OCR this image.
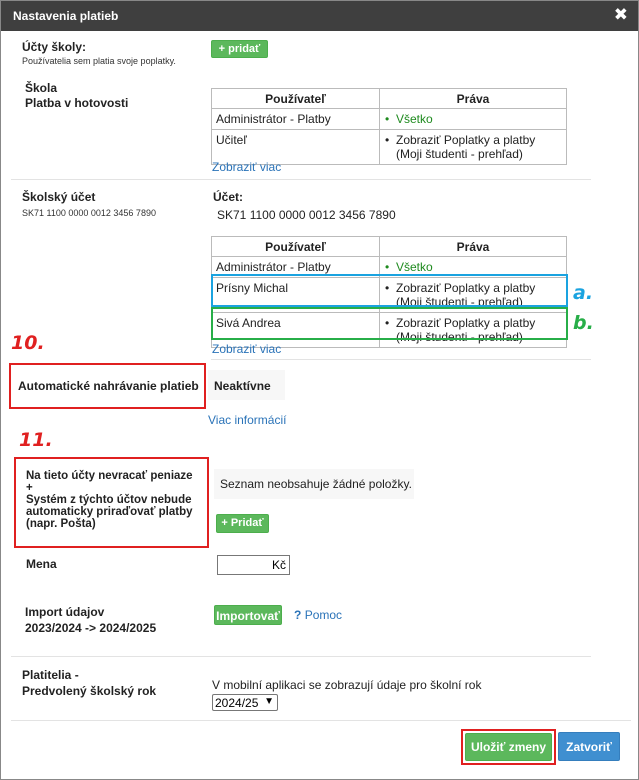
Nastavenia platieb	✖
Účty školy:
Používatelia sem platia svoje poplatky.
+ pridať
Škola
Platba v hotovosti	Používateľ	Práva
Administrátor - Platby	• Všetko
Učiteľ	• Zobraziť Poplatky a platby
(Moji študenti - prehľad)
Zobraziť viac
Školský účet
SK71 1100 0000 0012 3456 7890
Účet:
SK71 1100 0000 0012 3456 7890
Používateľ	Práva
Administrátor - Platby	• Všetko
Prísny Michal	• Zobraziť Poplatky a platby
(Moji študenti - prehľad)
Sivá Andrea	• Zobraziť Poplatky a platby
(Moji študenti - prehľad)
a.
b.
Zobraziť viac
10.
Automatické nahrávanie platieb	Neaktívne
Viac informácií
11.
Na tieto účty nevracať peniaze
+
Systém z týchto účtov nebude
automaticky priraďovať platby
(napr. Pošta)
Seznam neobsahuje žádné položky.
+ Pridať
Mena	Kč
Import údajov
2023/2024 -> 2024/2025
Importovať ? Pomoc
Platitelia -
Predvolený školský rok	V mobilní aplikaci se zobrazují údaje pro školní rok
2024/25 ▼
Uložiť zmeny	Zatvoriť
